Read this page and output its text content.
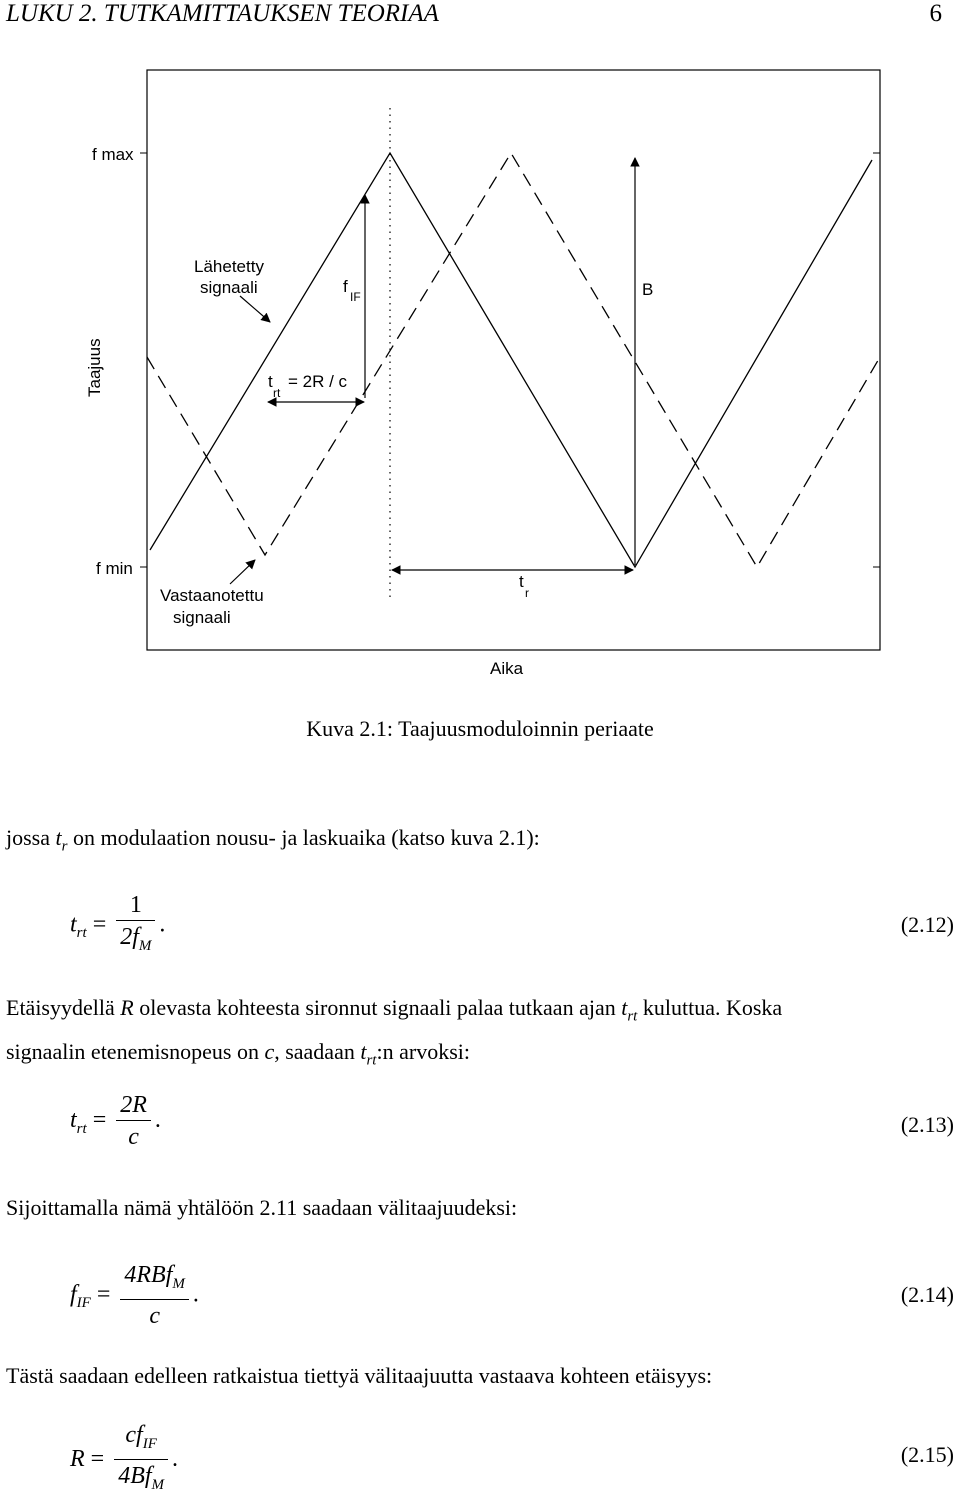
LUKU 2. TUTKAMITTAUKSEN TEORIAA	6
f max
f min
Taajuus
Aika
Lähetetty
signaali
Vastaanotettu
signaali
f
IF
t
rt
= 2R / c
t
r
B
Kuva 2.1: Taajuusmoduloinnin periaate
jossa $t_r$ on modulaation nousu- ja laskuaika (katso kuva 2.1):
$t_{rt} = \frac{1}{2f_M}$ .	(2.12)
Etäisyydellä R olevasta kohteesta sironnut signaali palaa tutkaan ajan $t_{rt}$ kuluttua. Koska
signaalin etenemisnopeus on c, saadaan $t_{rt}:n$ arvoksi:
$t_{rt} = \frac{2R}{c}$ .	(2.13)
Sijoittamalla nämä yhtälöön 2.11 saadaan välitaajuudeksi:
$f_{IF} = \frac{4RBf_M}{c}$ .	(2.14)
Tästä saadaan edelleen ratkaistua tiettyä välitaajuutta vastaava kohteen etäisyys:
$R = \frac{cf_{IF}}{4Bf_M}$ .	(2.15)
